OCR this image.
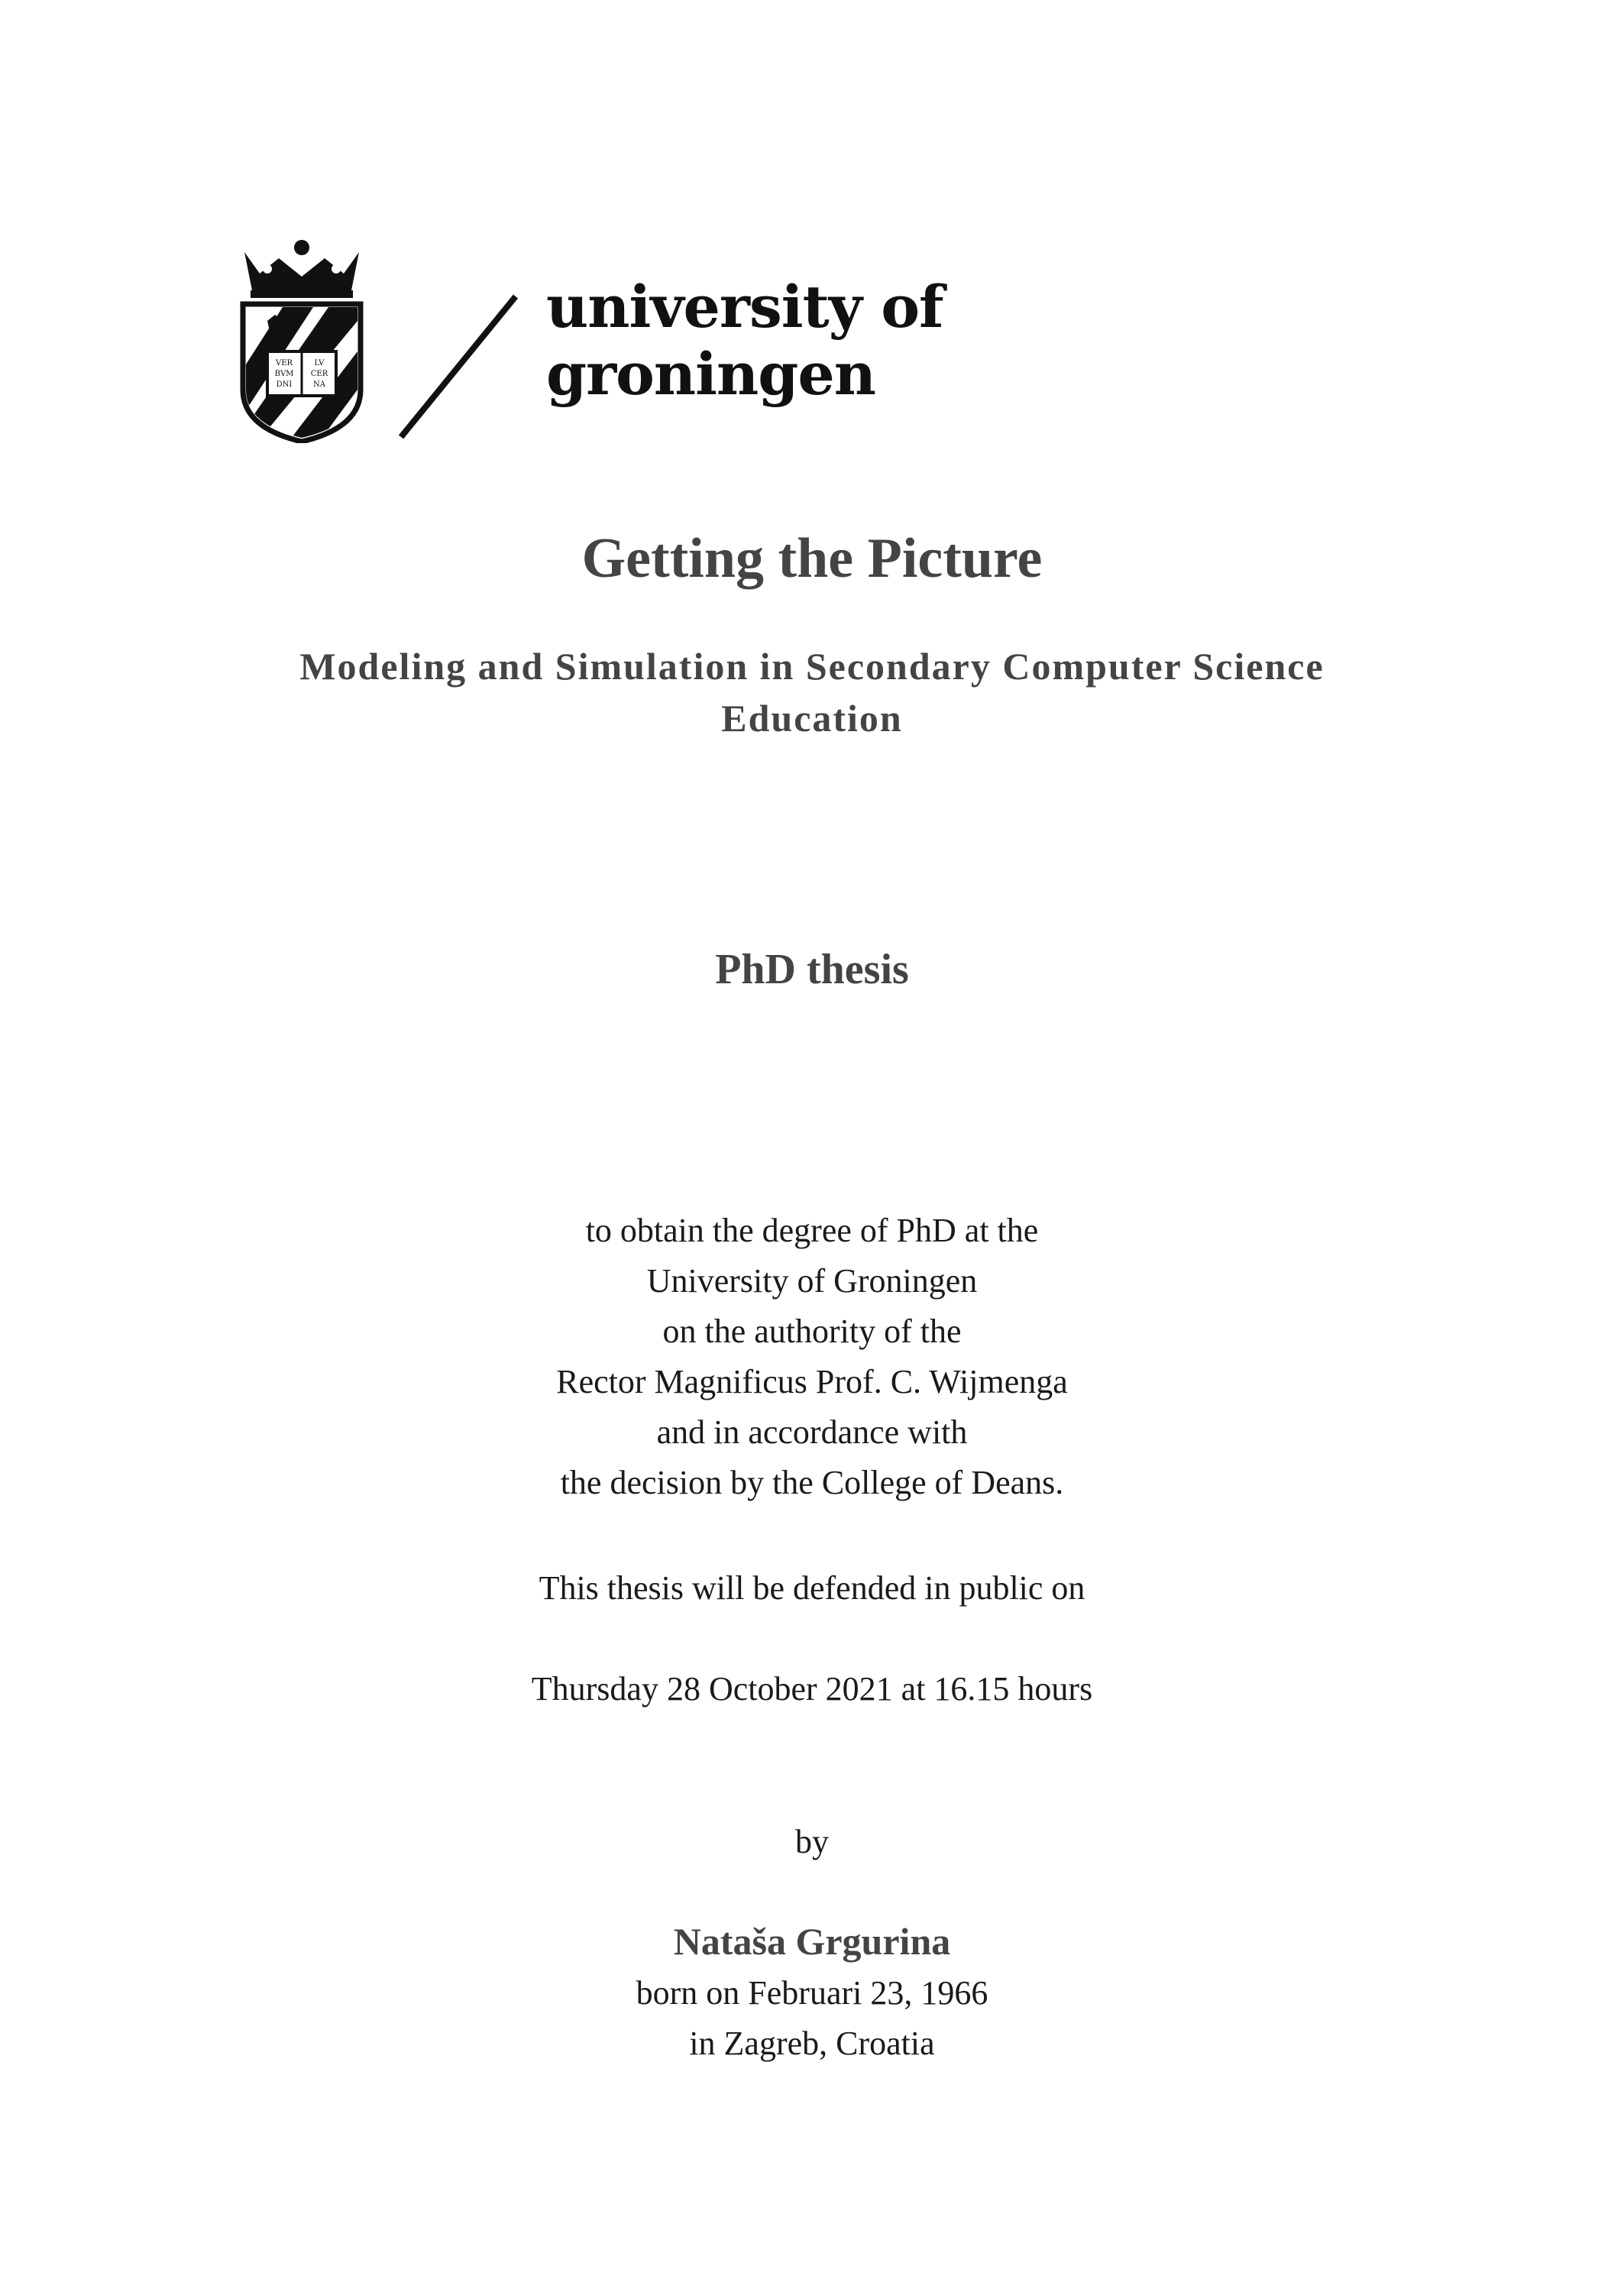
VER
BVM
DNI
LV
CER
NA
university of
groningen
Getting the Picture
Modeling and Simulation in Secondary Computer Science Education
PhD thesis
to obtain the degree of PhD at the
University of Groningen
on the authority of the
Rector Magnificus Prof. C. Wijmenga
and in accordance with
the decision by the College of Deans.
This thesis will be defended in public on
Thursday 28 October 2021 at 16.15 hours
by
Nataša Grgurina
born on Februari 23, 1966
in Zagreb, Croatia
